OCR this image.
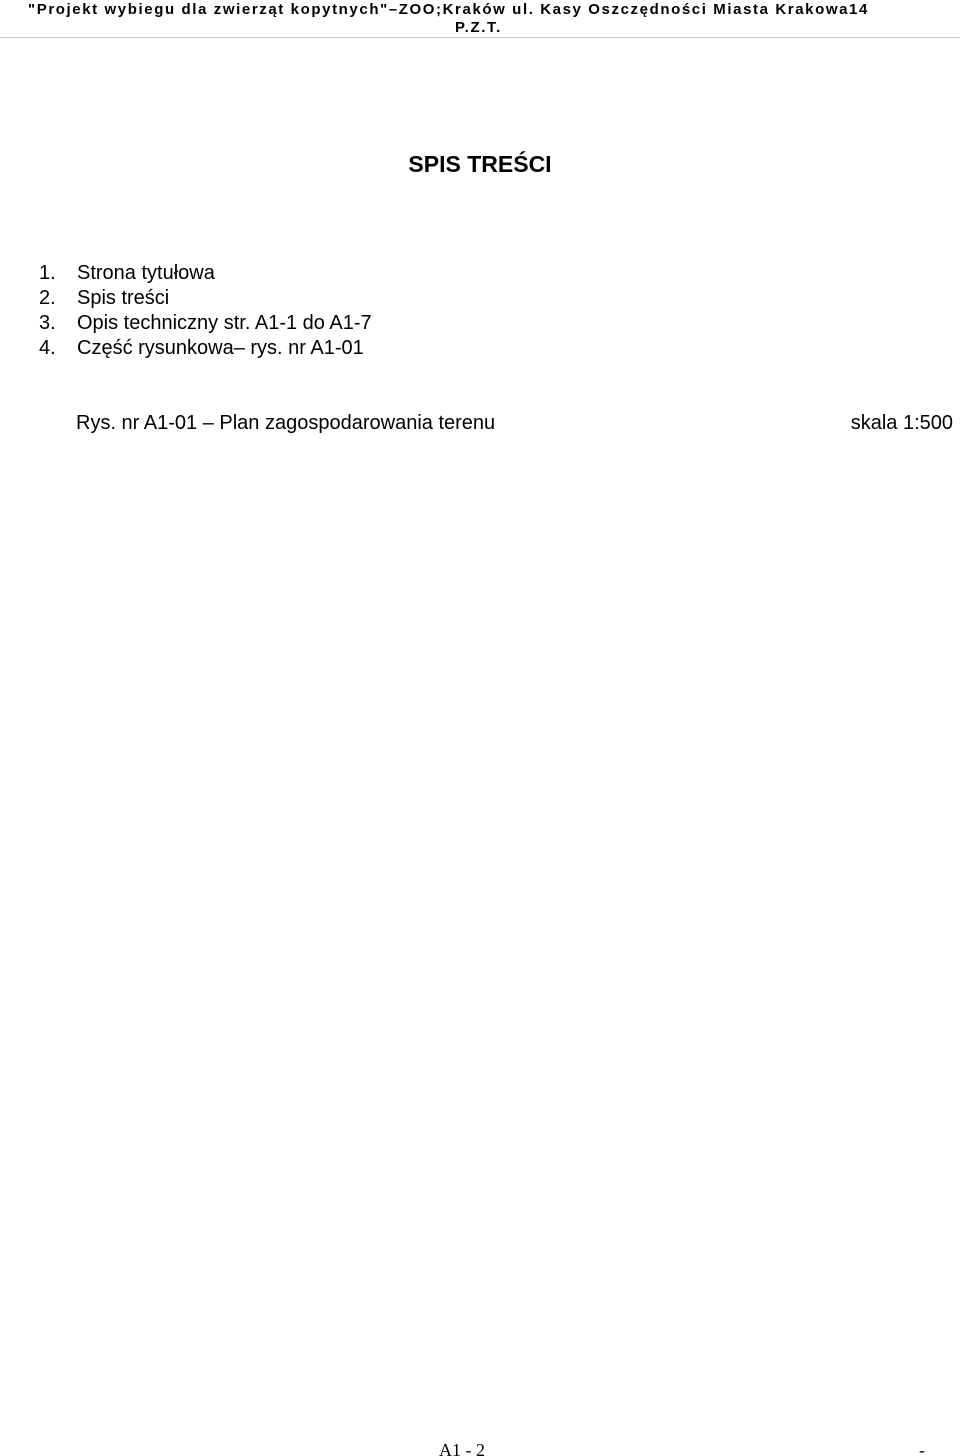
"Projekt wybiegu dla zwierząt kopytnych"–ZOO;Kraków ul. Kasy Oszczędności Miasta Krakowa14
P.Z.T.
SPIS TREŚCI
1.	Strona tytułowa
2.	Spis treści
3.	Opis techniczny str. A1-1 do A1-7
4.	Część rysunkowa– rys. nr A1-01
Rys. nr A1-01 – Plan zagospodarowania terenu	skala 1:500
A1 - 2	-
